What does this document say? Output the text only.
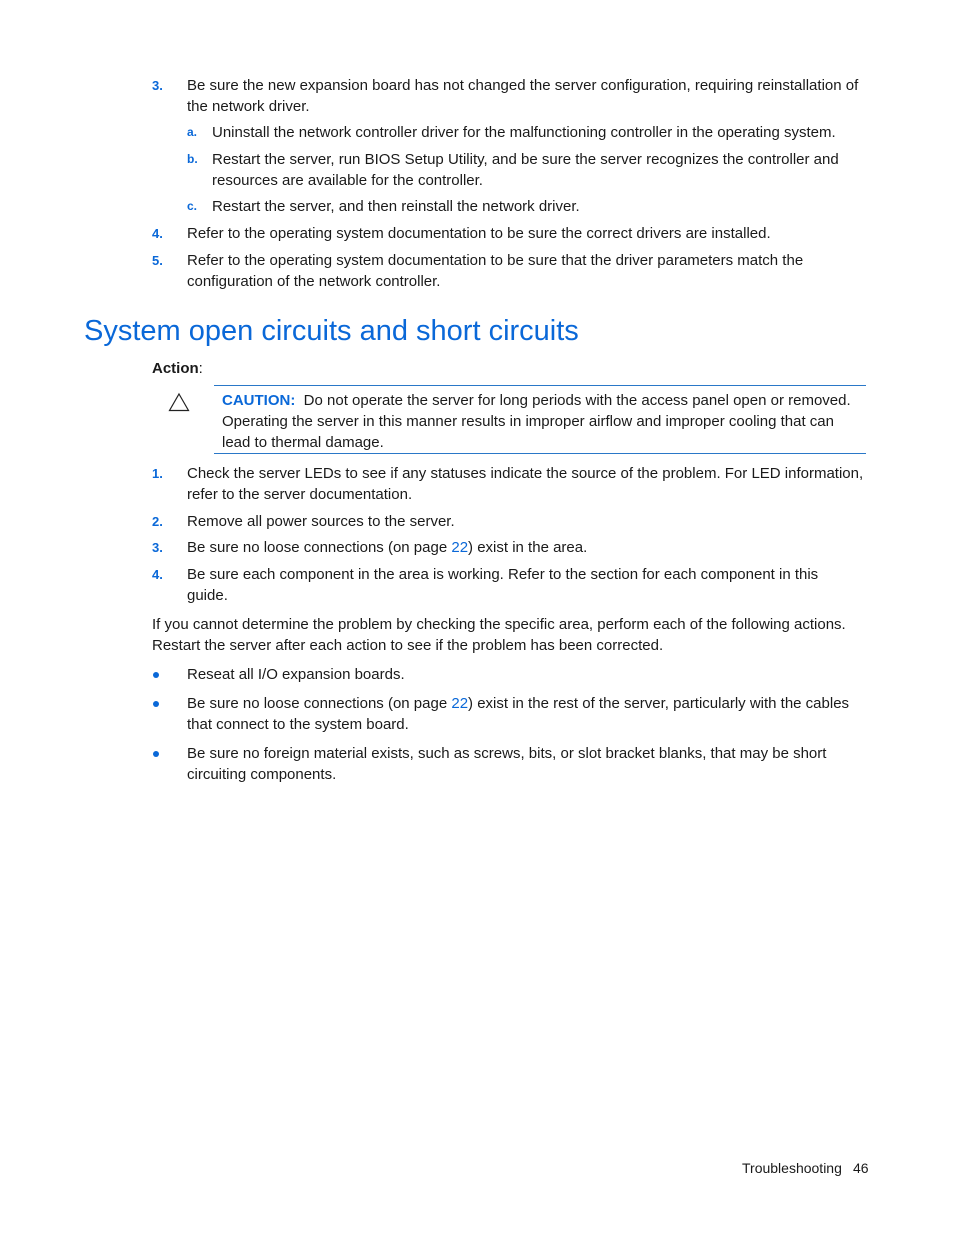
3. Be sure the new expansion board has not changed the server configuration, requiring reinstallation of the network driver.
a. Uninstall the network controller driver for the malfunctioning controller in the operating system.
b. Restart the server, run BIOS Setup Utility, and be sure the server recognizes the controller and resources are available for the controller.
c. Restart the server, and then reinstall the network driver.
4. Refer to the operating system documentation to be sure the correct drivers are installed.
5. Refer to the operating system documentation to be sure that the driver parameters match the configuration of the network controller.
System open circuits and short circuits
Action:
CAUTION: Do not operate the server for long periods with the access panel open or removed. Operating the server in this manner results in improper airflow and improper cooling that can lead to thermal damage.
1. Check the server LEDs to see if any statuses indicate the source of the problem. For LED information, refer to the server documentation.
2. Remove all power sources to the server.
3. Be sure no loose connections (on page 22) exist in the area.
4. Be sure each component in the area is working. Refer to the section for each component in this guide.
If you cannot determine the problem by checking the specific area, perform each of the following actions. Restart the server after each action to see if the problem has been corrected.
Reseat all I/O expansion boards.
Be sure no loose connections (on page 22) exist in the rest of the server, particularly with the cables that connect to the system board.
Be sure no foreign material exists, such as screws, bits, or slot bracket blanks, that may be short circuiting components.
Troubleshooting 46
